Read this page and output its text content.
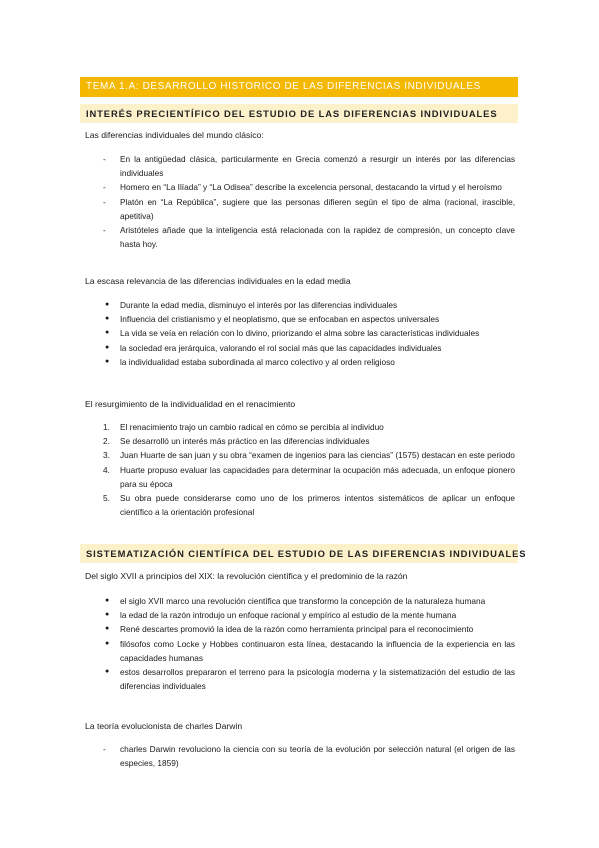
TEMA 1.A: DESARROLLO HISTORICO DE LAS DIFERENCIAS INDIVIDUALES
INTERÉS PRECIENTÍFICO DEL ESTUDIO DE LAS DIFERENCIAS INDIVIDUALES
Las diferencias individuales del mundo clásico:
-	En la antigüedad clásica, particularmente en Grecia comenzó a resurgir un interés por las diferencias individuales
-	Homero en “La Ilíada” y “La Odisea” describe la excelencia personal, destacando la virtud y el heroísmo
-	Platón en “La República”, sugiere que las personas difieren según el tipo de alma (racional, irascible, apetitiva)
-	Aristóteles añade que la inteligencia está relacionada con la rapidez de compresión, un concepto clave hasta hoy.
La escasa relevancia de las diferencias individuales en la edad media
●	Durante la edad media, disminuyo el interés por las diferencias individuales
●	Influencia del cristianismo y el neoplatismo, que se enfocaban en aspectos universales
●	La vida se veía en relación con lo divino, priorizando el alma sobre las características individuales
●	la sociedad era jerárquica, valorando el rol social más que las capacidades individuales
●	la individualidad estaba subordinada al marco colectivo y al orden religioso
El resurgimiento de la individualidad en el renacimiento
1.	El renacimiento trajo un cambio radical en cómo se percibía al individuo
2.	Se desarrolló un interés más práctico en las diferencias individuales
3.	Juan Huarte de san juan y su obra “examen de ingenios para las ciencias” (1575) destacan en este periodo
4.	Huarte propuso evaluar las capacidades para determinar la ocupación más adecuada, un enfoque pionero para su época
5.	Su obra puede considerarse como uno de los primeros intentos sistemáticos de aplicar un enfoque científico a la orientación profesional
SISTEMATIZACIÓN CIENTÍFICA DEL ESTUDIO DE LAS DIFERENCIAS INDIVIDUALES
Del siglo XVII a principios del XIX: la revolución científica y el predominio de la razón
●	el siglo XVII marco una revolución científica que transformo la concepción de la naturaleza humana
●	la edad de la razón introdujo un enfoque racional y empírico al estudio de la mente humana
●	René descartes promovió la idea de la razón como herramienta principal para el reconocimiento
●	filósofos como Locke y Hobbes continuaron esta línea, destacando la influencia de la experiencia en las capacidades humanas
●	estos desarrollos prepararon el terreno para la psicología moderna y la sistematización del estudio de las diferencias individuales
La teoría evolucionista de charles Darwin
-	charles Darwin revoluciono la ciencia con su teoría de la evolución por selección natural (el origen de las especies, 1859)
